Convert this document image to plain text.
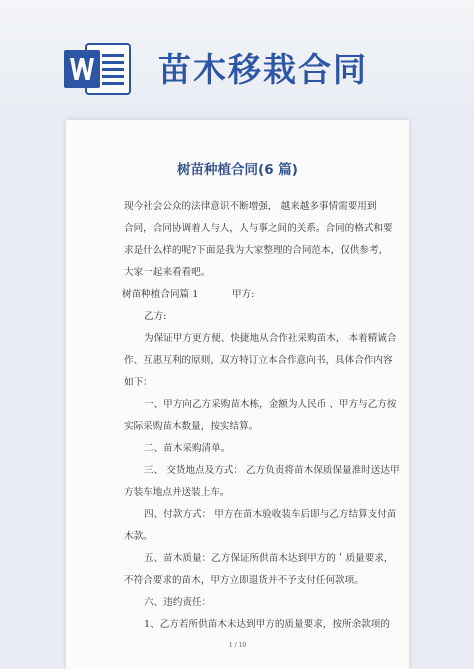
苗木移栽合同
树苗种植合同(6 篇)
现今社会公众的法律意识不断增强， 越来越多事情需要用到
合同，合同协调着人与人，人与事之间的关系。合同的格式和要
求是什么样的呢?下面是我为大家整理的合同范本，仅供参考，
大家一起来看看吧。
树苗种植合同篇 1	甲方:
乙方:
为保证甲方更方便、快捷地从合作社采购苗木， 本着精诚合
作、互惠互利的原则，双方特订立本合作意向书，具体合作内容
如下：
一、甲方向乙方采购苗木栋，金额为人民币 、甲方与乙方按
实际采购苗木数量，按实结算。
二、苗木采购清单。
三、 交货地点及方式： 乙方负责将苗木保质保量准时送达甲
方装车地点并送装上车。
四、付款方式： 甲方在苗木验收装车后即与乙方结算支付苗
木款。
五、苗木质量：乙方保证所供苗木达到甲方的＇质量要求，
不符合要求的苗木，甲方立即退货并不予支付任何款项。
六、违约责任：
1、乙方若所供苗木未达到甲方的质量要求，按所余款项的
1 / 10
